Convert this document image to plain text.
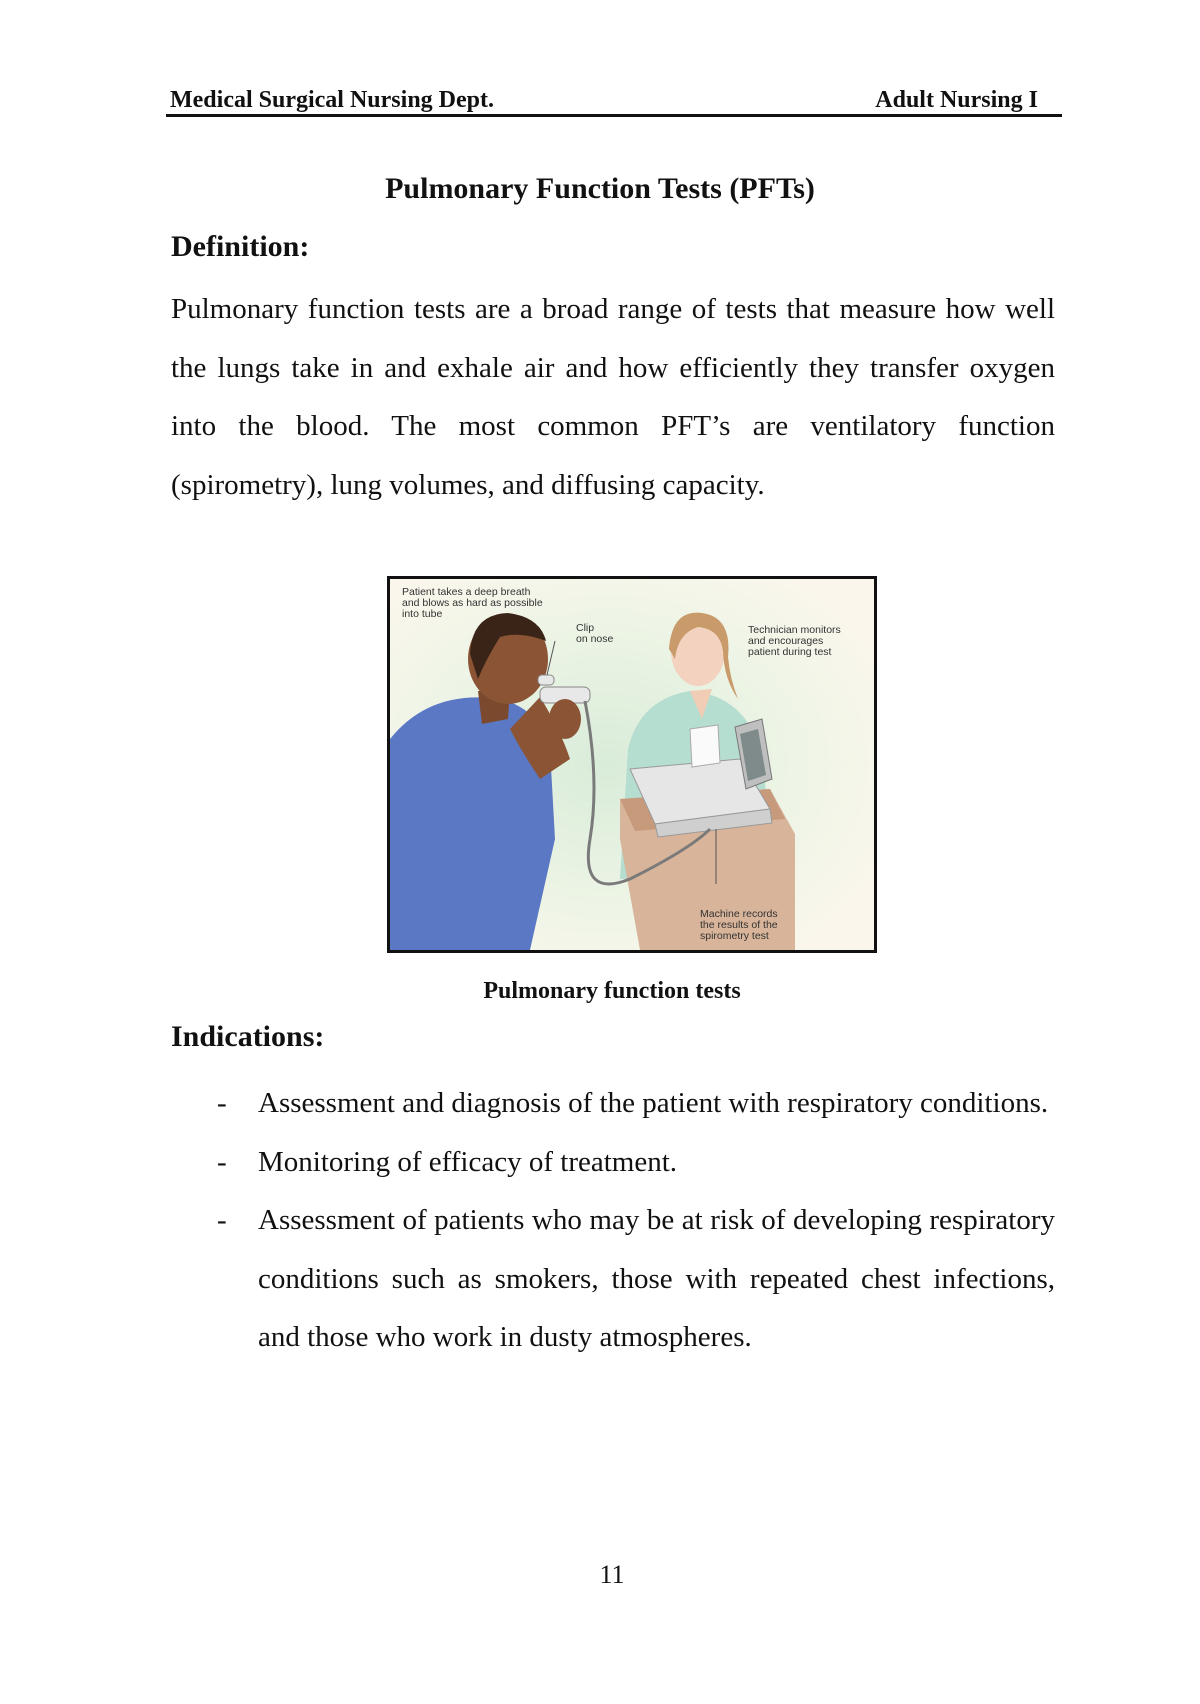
Medical Surgical Nursing Dept.	Adult Nursing I
Pulmonary Function Tests (PFTs)
Definition:

Pulmonary function tests are a broad range of tests that measure how well the lungs take in and exhale air and how efficiently they transfer oxygen into the blood. The most common PFT’s are ventilatory function (spirometry), lung volumes, and diffusing capacity.

Patient takes a deep breath
and blows as hard as possible
into tube
Clip
on nose
Technician monitors
and encourages
patient during test
Machine records
the results of the
spirometry test
Pulmonary function tests
Indications:
- Assessment and diagnosis of the patient with respiratory conditions.
- Monitoring of efficacy of treatment.
- Assessment of patients who may be at risk of developing respiratory conditions such as smokers, those with repeated chest infections, and those who work in dusty atmospheres.
11
